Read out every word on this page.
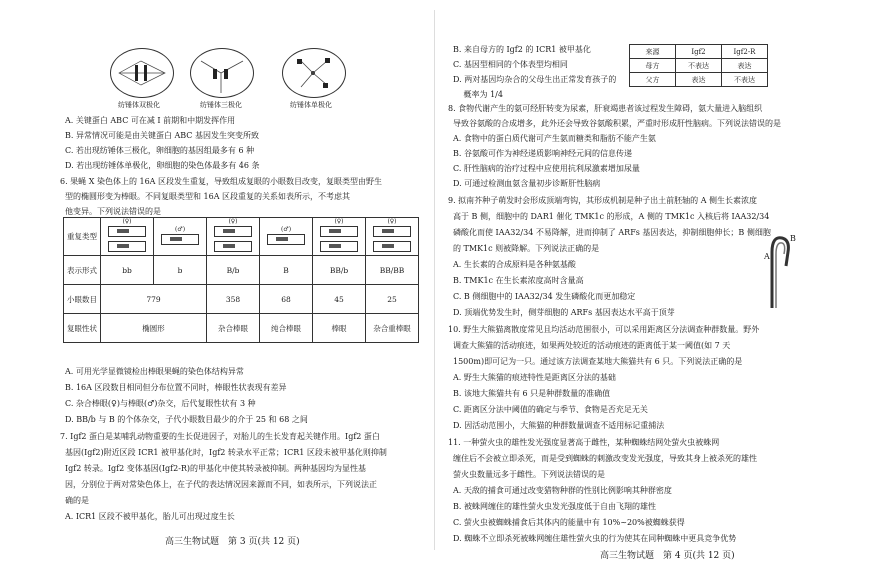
纺锤体双极化	纺锤体三极化	纺锤体单极化
A. 关键蛋白 ABC 可在减 I 前期和中期发挥作用
B. 异常情况可能是由关键蛋白 ABC 基因发生突变所致
C. 若出现纺锤体三极化，卵细胞的基因组最多有 6 种
D. 若出现纺锤体单极化，卵细胞的染色体最多有 46 条
6. 果蝇 X 染色体上的 16A 区段发生重复，导致组成复眼的小眼数目改变，复眼类型由野生
型的椭圆形变为棒眼。不同复眼类型和 16A 区段重复的关系如表所示，不考虑其
他变异。下列说法错误的是
重复类型	(♀)	(♂)	(♀)	(♂)	(♀)	(♀)

表示形式	bb	b	B/b	B	BB/b	BB/BB
小眼数目	779		358	68	45	25
复眼性状	椭圆形		杂合棒眼	纯合棒眼	棒眼	杂合重棒眼
A. 可用光学显微镜检出棒眼果蝇的染色体结构异常
B. 16A 区段数目相同但分布位置不同时，棒眼性状表现有差异
C. 杂合棒眼(♀)与棒眼(♂)杂交，后代复眼性状有 3 种
D. BB/b 与 B 的个体杂交，子代小眼数目最少的介于 25 和 68 之间
7. Igf2 蛋白是某哺乳动物重要的生长促进因子，对胎儿的生长发育起关键作用。Igf2 蛋白
基因(Igf2)附近区段 ICR1 被甲基化时，Igf2 转录水平正常；ICR1 区段未被甲基化则抑制
Igf2 转录。Igf2 变体基因(Igf2-R)的甲基化中使其转录被抑制。两种基因均为显性基
因，分别位于两对常染色体上，在子代的表达情况因来源而不同，如表所示，下列说法正
确的是
A. ICR1 区段不被甲基化，胎儿可出现过度生长
高三生物试题　第 3 页(共 12 页)
B. 来自母方的 Igf2 的 ICR1 被甲基化
C. 基因型相同的个体表型均相同
D. 两对基因均杂合的父母生出正常发育孩子的
　 概率为 1/4
来源	Igf2	Igf2-R
母方	不表达	表达
父方	表达	不表达
8. 食物代谢产生的氨可经肝转变为尿素，肝衰竭患者该过程发生障碍，氨大量进入脑组织
导致谷氨酸的合成增多，此外还会导致谷氨酸积累，严重时形成肝性脑病。下列说法错误的是
A. 食物中的蛋白质代谢可产生氨而糖类和脂肪不能产生氨
B. 谷氨酸可作为神经递质影响神经元间的信息传递
C. 肝性脑病的治疗过程中应使用抗利尿激素增加尿量
D. 可通过检测血氨含量初步诊断肝性脑病
9. 拟南芥种子萌发时会形成顶端弯钩，其形成机制是种子出土前胚轴的 A 侧生长素浓度
高于 B 侧，细胞中的 DAR1 催化 TMK1c 的形成，A 侧的 TMK1c 入核后将 IAA32/34
磷酸化而使 IAA32/34 不易降解，进而抑制了 ARFs 基因表达，抑制细胞伸长；B 侧细胞
的 TMK1c 则被降解。下列说法正确的是
A. 生长素的合成原料是各种氨基酸
B. TMK1c 在生长素浓度高时含量高
C. B 侧细胞中的 IAA32/34 发生磷酸化而更加稳定
D. 顶端优势发生时，侧芽细胞的 ARFs 基因表达水平高于顶芽
B
A
10. 野生大熊猫离散度常见且均活动范围很小，可以采用距离区分法调查种群数量。野外
调查大熊猫的活动痕迹，如果两处较近的活动痕迹的距离低于某一阈值(如 7 天
1500m)即可记为一只。通过该方法调查某地大熊猫共有 6 只。下列说法正确的是
A. 野生大熊猫的痕迹特性是距离区分法的基础
B. 该地大熊猫共有 6 只是种群数量的准确值
C. 距离区分法中阈值的确定与季节、食物是否充足无关
D. 因活动范围小，大熊猫的种群数量调查不适用标记重捕法
11. 一种萤火虫的雄性发光强度显著高于雌性，某种蜘蛛结网处萤火虫被蛛网
缠住后不会被立即杀死，而是受到蜘蛛的刺激改变发光强度，导致其身上被杀死的雄性
萤火虫数量远多于雌性。下列说法错误的是
A. 天敌的捕食可通过改变猎物种群的性别比例影响其种群密度
B. 被蛛网缠住的雄性萤火虫发光强度低于自由飞翔的雄性
C. 萤火虫被蜘蛛捕食后其体内的能量中有 10%~20%被蜘蛛获得
D. 蜘蛛不立即杀死被蛛网缠住雄性萤火虫的行为使其在同种蜘蛛中更具竞争优势
高三生物试题　第 4 页(共 12 页)
